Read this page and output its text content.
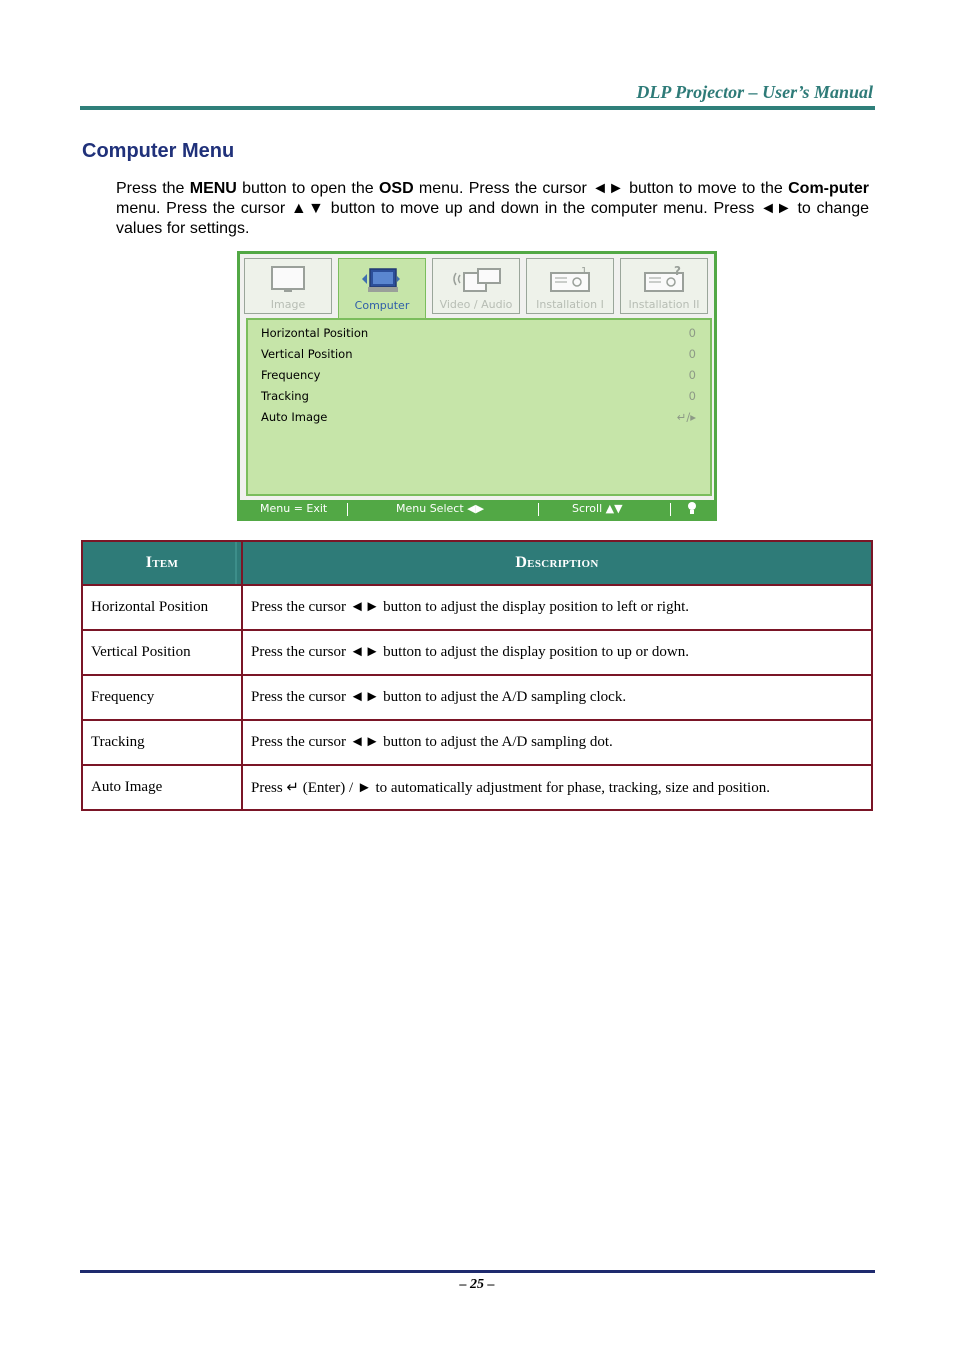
DLP Projector – User’s Manual
Computer Menu
Press the MENU button to open the OSD menu. Press the cursor ◄► button to move to the Com-puter menu. Press the cursor ▲▼ button to move up and down in the computer menu. Press ◄► to change values for settings.
Image	Computer	Video / Audio
1
Installation I
?
Installation II
Horizontal Position	0
Vertical Position	0
Frequency	0
Tracking	0
Auto Image	↵/▸
Menu = Exit	Menu Select ◀▶	Scroll ▲▼
Item	Description
Horizontal Position	Press the cursor ◄► button to adjust the display position to left or right.
Vertical Position	Press the cursor ◄► button to adjust the display position to up or down.
Frequency	Press the cursor ◄► button to adjust the A/D sampling clock.
Tracking	Press the cursor ◄► button to adjust the A/D sampling dot.
Auto Image	Press ↵ (Enter) / ► to automatically adjustment for phase, tracking, size and position.
– 25 –
